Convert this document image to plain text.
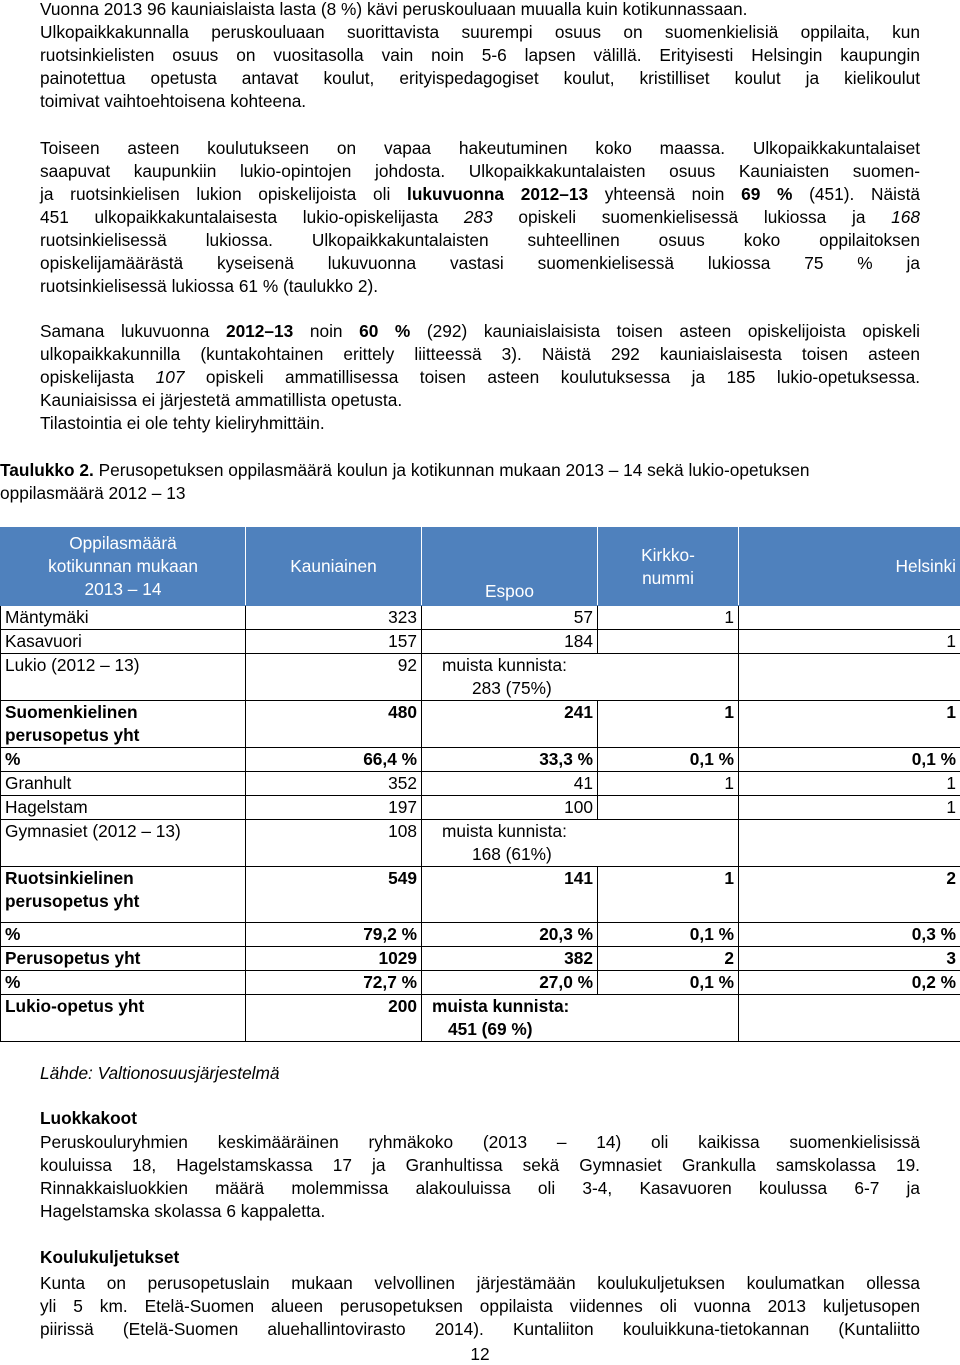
Vuonna 2013 96 kauniaislaista lasta (8 %) kävi peruskouluaan muualla kuin kotikunnassaan.

Ulkopaikkakunnalla peruskouluaan suorittavista suurempi osuus on suomenkielisiä oppilaita, kun

ruotsinkielisten osuus on vuositasolla vain noin 5-6 lapsen välillä. Erityisesti Helsingin kaupungin

painotettua opetusta antavat koulut, erityispedagogiset koulut, kristilliset koulut ja kielikoulut

toimivat vaihtoehtoisena kohteena.

Toiseen asteen koulutukseen on vapaa hakeutuminen koko maassa. Ulkopaikkakuntalaiset

saapuvat kaupunkiin lukio-opintojen johdosta. Ulkopaikkakuntalaisten osuus Kauniaisten suomen-

ja ruotsinkielisen lukion opiskelijoista oli lukuvuonna 2012–13 yhteensä noin 69 % (451). Näistä

451 ulkopaikkakuntalaisesta lukio-opiskelijasta 283 opiskeli suomenkielisessä lukiossa ja 168

ruotsinkielisessä lukiossa. Ulkopaikkakuntalaisten suhteellinen osuus koko oppilaitoksen

opiskelijamäärästä kyseisenä lukuvuonna vastasi suomenkielisessä lukiossa 75 % ja

ruotsinkielisessä lukiossa 61 % (taulukko 2).

Samana lukuvuonna 2012–13 noin 60 % (292) kauniaislaisista toisen asteen opiskelijoista opiskeli

ulkopaikkakunnilla (kuntakohtainen erittely liitteessä 3). Näistä 292 kauniaislaisesta toisen asteen

opiskelijasta 107 opiskeli ammatillisessa toisen asteen koulutuksessa ja 185 lukio-opetuksessa.

Kauniaisissa ei järjestetä ammatillista opetusta.

Tilastointia ei ole tehty kieliryhmittäin.

Taulukko 2. Perusopetuksen oppilasmäärä koulun ja kotikunnan mukaan 2013 – 14 sekä lukio-opetuksen

oppilasmäärä 2012 – 13

Oppilasmäärä
kotikunnan mukaan
2013 – 14	Kauniainen	Espoo	Kirkko-
nummi	Helsinki
Mäntymäki	323	57	1	
Kasavuori	157	184		1
Lukio (2012 – 13)	92	muista kunnista:
283 (75%)		
Suomenkielinen
perusopetus yht	480	241	1	1
%	66,4 %	33,3 %	0,1 %	0,1 %
Granhult	352	41	1	1
Hagelstam	197	100		1
Gymnasiet (2012 – 13)	108	muista kunnista:
168 (61%)		
Ruotsinkielinen
perusopetus yht	549	141	1	2
%	79,2 %	20,3 %	0,1 %	0,3 %
Perusopetus yht	1029	382	2	3
%	72,7 %	27,0 %	0,1 %	0,2 %
Lukio-opetus yht	200	muista kunnista:
451 (69 %)		
Lähde: Valtionosuusjärjestelmä
Luokkakoot

Peruskouluryhmien keskimääräinen ryhmäkoko (2013 – 14) oli kaikissa suomenkielisissä

kouluissa 18, Hagelstamskassa 17 ja Granhultissa sekä Gymnasiet Grankulla samskolassa 19.

Rinnakkaisluokkien määrä molemmissa alakouluissa oli 3-4, Kasavuoren koulussa 6-7 ja

Hagelstamska skolassa 6 kappaletta.

Koulukuljetukset

Kunta on perusopetuslain mukaan velvollinen järjestämään koulukuljetuksen koulumatkan ollessa

yli 5 km. Etelä-Suomen alueen perusopetuksen oppilaista viidennes oli vuonna 2013 kuljetusopen

piirissä (Etelä-Suomen aluehallintovirasto 2014). Kuntaliiton kouluikkuna-tietokannan (Kuntaliitto

12
